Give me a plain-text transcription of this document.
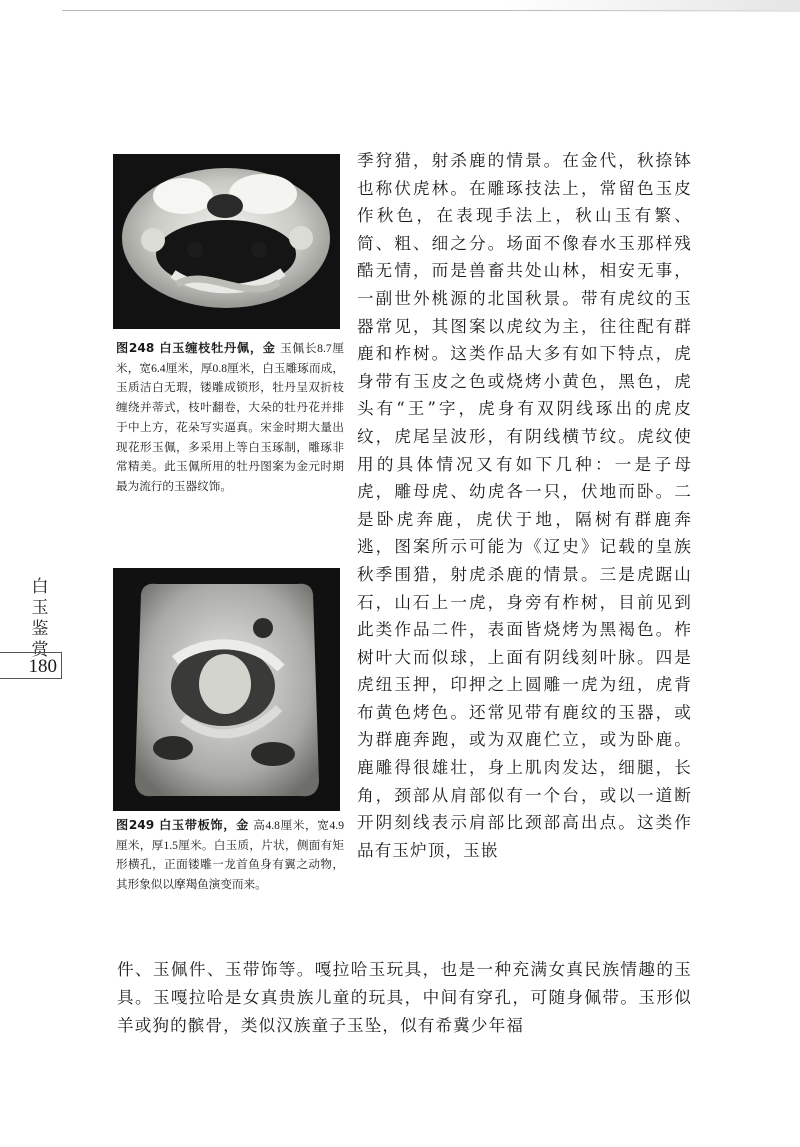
图248 白玉缠枝牡丹佩，金 玉佩长8.7厘米，宽6.4厘米，厚0.8厘米，白玉雕琢而成，玉质洁白无瑕，镂雕成锁形，牡丹呈双折枝缠绕并蒂式，枝叶翻卷，大朵的牡丹花并排于中上方，花朵写实逼真。宋金时期大量出现花形玉佩，多采用上等白玉琢制，雕琢非常精美。此玉佩所用的牡丹图案为金元时期最为流行的玉器纹饰。
图249 白玉带板饰，金 高4.8厘米，宽4.9厘米，厚1.5厘米。白玉质，片状，侧面有矩形横孔，正面镂雕一龙首鱼身有翼之动物，其形象似以摩羯鱼演变而来。

季狩猎，射杀鹿的情景。在金代，秋捺钵也称伏虎林。在雕琢技法上，常留色玉皮作秋色，在表现手法上，秋山玉有繁、简、粗、细之分。场面不像春水玉那样残酷无情，而是兽畜共处山林，相安无事，一副世外桃源的北国秋景。带有虎纹的玉器常见，其图案以虎纹为主，往往配有群鹿和柞树。这类作品大多有如下特点，虎身带有玉皮之色或烧烤小黄色，黑色，虎头有“王”字，虎身有双阴线琢出的虎皮纹，虎尾呈波形，有阴线横节纹。虎纹使用的具体情况又有如下几种：一是子母虎，雕母虎、幼虎各一只，伏地而卧。二是卧虎奔鹿，虎伏于地，隔树有群鹿奔逃，图案所示可能为《辽史》记载的皇族秋季围猎，射虎杀鹿的情景。三是虎踞山石，山石上一虎，身旁有柞树，目前见到此类作品二件，表面皆烧烤为黑褐色。柞树叶大而似球，上面有阴线刻叶脉。四是虎纽玉押，印押之上圆雕一虎为纽，虎背布黄色烤色。还常见带有鹿纹的玉器，或为群鹿奔跑，或为双鹿伫立，或为卧鹿。鹿雕得很雄壮，身上肌肉发达，细腿，长角，颈部从肩部似有一个台，或以一道断开阴刻线表示肩部比颈部高出点。这类作品有玉炉顶，玉嵌

件、玉佩件、玉带饰等。嘎拉哈玉玩具，也是一种充满女真民族情趣的玉具。玉嘎拉哈是女真贵族儿童的玩具，中间有穿孔，可随身佩带。玉形似羊或狗的髌骨，类似汉族童子玉坠，似有希冀少年福

白
玉
鉴
赏
180
